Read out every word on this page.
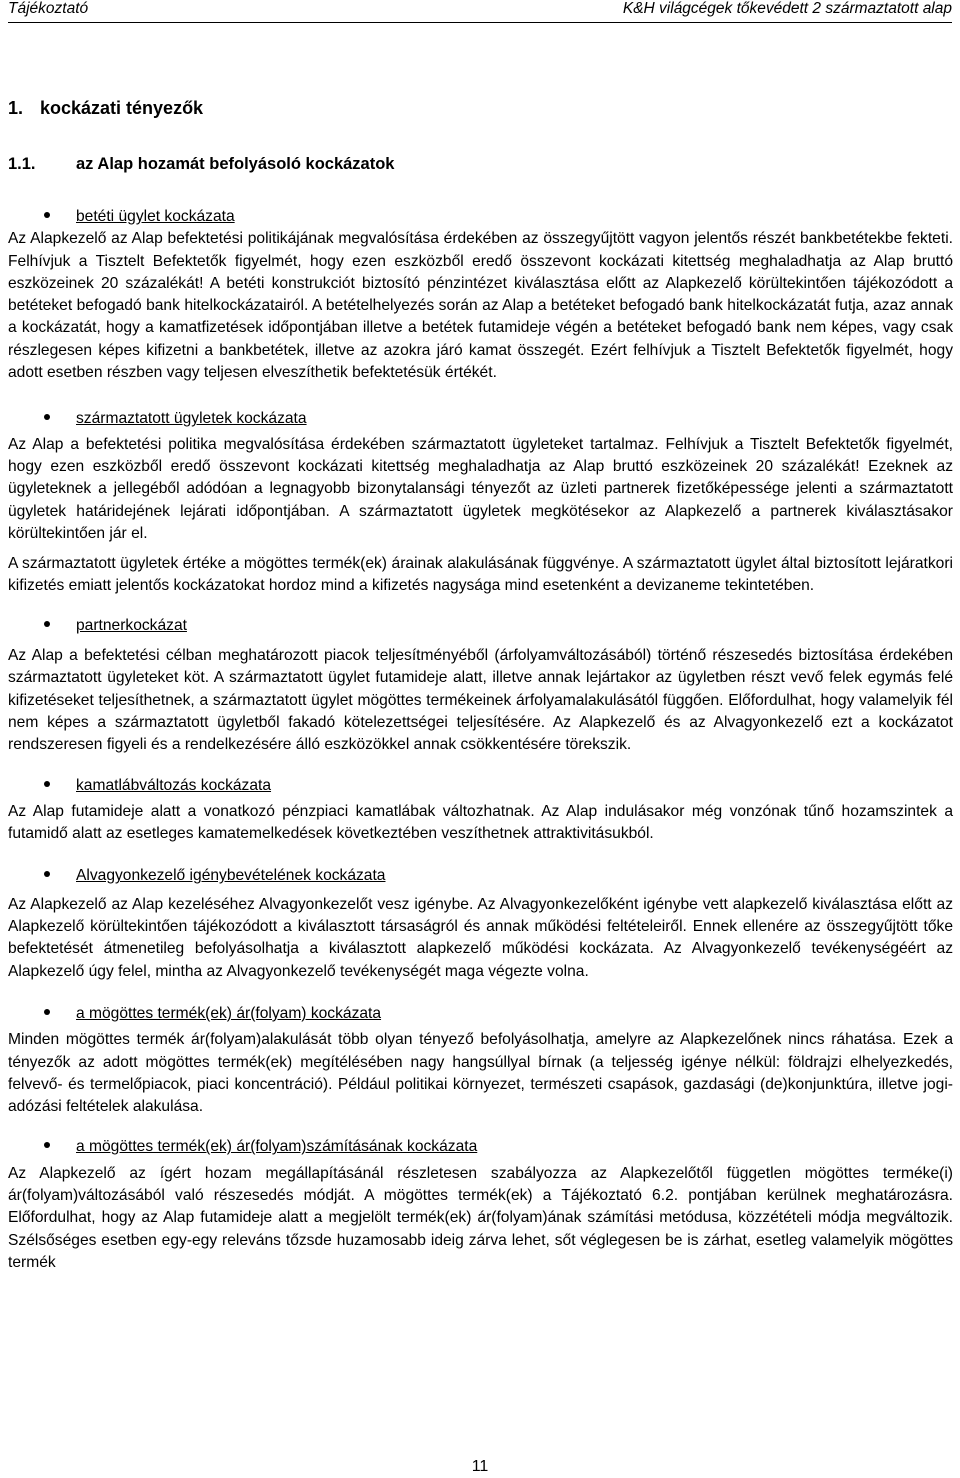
Tájékoztató	K&H világcégek tőkevédett 2 származtatott alap

1. kockázati tényezők

1.1. az Alap hozamát befolyásoló kockázatok

betéti ügylet kockázata

Az Alapkezelő az Alap befektetési politikájának megvalósítása érdekében az összegyűjtött vagyon jelentős részét bankbetétekbe fekteti. Felhívjuk a Tisztelt Befektetők figyelmét, hogy ezen eszközből eredő összevont kockázati kitettség meghaladhatja az Alap bruttó eszközeinek 20 százalékát! A betéti konstrukciót biztosító pénzintézet kiválasztása előtt az Alapkezelő körültekintően tájékozódott a betéteket befogadó bank hitelkockázatairól. A betételhelyezés során az Alap a betéteket befogadó bank hitelkockázatát futja, azaz annak a kockázatát, hogy a kamatfizetések időpontjában illetve a betétek futamideje végén a betéteket befogadó bank nem képes, vagy csak részlegesen képes kifizetni a bankbetétek, illetve az azokra járó kamat összegét. Ezért felhívjuk a Tisztelt Befektetők figyelmét, hogy adott esetben részben vagy teljesen elveszíthetik befektetésük értékét.

származtatott ügyletek kockázata

Az Alap a befektetési politika megvalósítása érdekében származtatott ügyleteket tartalmaz. Felhívjuk a Tisztelt Befektetők figyelmét, hogy ezen eszközből eredő összevont kockázati kitettség meghaladhatja az Alap bruttó eszközeinek 20 százalékát! Ezeknek az ügyleteknek a jellegéből adódóan a legnagyobb bizonytalansági tényezőt az üzleti partnerek fizetőképessége jelenti a származtatott ügyletek határidejének lejárati időpontjában. A származtatott ügyletek megkötésekor az Alapkezelő a partnerek kiválasztásakor körültekintően jár el.

A származtatott ügyletek értéke a mögöttes termék(ek) árainak alakulásának függvénye. A származtatott ügylet által biztosított lejáratkori kifizetés emiatt jelentős kockázatokat hordoz mind a kifizetés nagysága mind esetenként a devizaneme tekintetében.

partnerkockázat

Az Alap a befektetési célban meghatározott piacok teljesítményéből (árfolyamváltozásából) történő részesedés biztosítása érdekében származtatott ügyleteket köt. A származtatott ügylet futamideje alatt, illetve annak lejártakor az ügyletben részt vevő felek egymás felé kifizetéseket teljesíthetnek, a származtatott ügylet mögöttes termékeinek árfolyamalakulásától függően. Előfordulhat, hogy valamelyik fél nem képes a származtatott ügyletből fakadó kötelezettségei teljesítésére. Az Alapkezelő és az Alvagyonkezelő ezt a kockázatot rendszeresen figyeli és a rendelkezésére álló eszközökkel annak csökkentésére törekszik.

kamatlábváltozás kockázata

Az Alap futamideje alatt a vonatkozó pénzpiaci kamatlábak változhatnak. Az Alap indulásakor még vonzónak tűnő hozamszintek a futamidő alatt az esetleges kamatemelkedések következtében veszíthetnek attraktivitásukból.

Alvagyonkezelő igénybevételének kockázata

Az Alapkezelő az Alap kezeléséhez Alvagyonkezelőt vesz igénybe. Az Alvagyonkezelőként igénybe vett alapkezelő kiválasztása előtt az Alapkezelő körültekintően tájékozódott a kiválasztott társaságról és annak működési feltételeiről. Ennek ellenére az összegyűjtött tőke befektetését átmenetileg befolyásolhatja a kiválasztott alapkezelő működési kockázata. Az Alvagyonkezelő tevékenységéért az Alapkezelő úgy felel, mintha az Alvagyonkezelő tevékenységét maga végezte volna.

a mögöttes termék(ek) ár(folyam) kockázata

Minden mögöttes termék ár(folyam)alakulását több olyan tényező befolyásolhatja, amelyre az Alapkezelőnek nincs ráhatása. Ezek a tényezők az adott mögöttes termék(ek) megítélésében nagy hangsúllyal bírnak (a teljesség igénye nélkül: földrajzi elhelyezkedés, felvevő- és termelőpiacok, piaci koncentráció). Például politikai környezet, természeti csapások, gazdasági (de)konjunktúra, illetve jogi-adózási feltételek alakulása.

a mögöttes termék(ek) ár(folyam)számításának kockázata

Az Alapkezelő az ígért hozam megállapításánál részletesen szabályozza az Alapkezelőtől független mögöttes terméke(i) ár(folyam)változásából való részesedés módját. A mögöttes termék(ek) a Tájékoztató 6.2. pontjában kerülnek meghatározásra. Előfordulhat, hogy az Alap futamideje alatt a megjelölt termék(ek) ár(folyam)ának számítási metódusa, közzétételi módja megváltozik. Szélsőséges esetben egy-egy releváns tőzsde huzamosabb ideig zárva lehet, sőt véglegesen be is zárhat, esetleg valamelyik mögöttes termék

11
